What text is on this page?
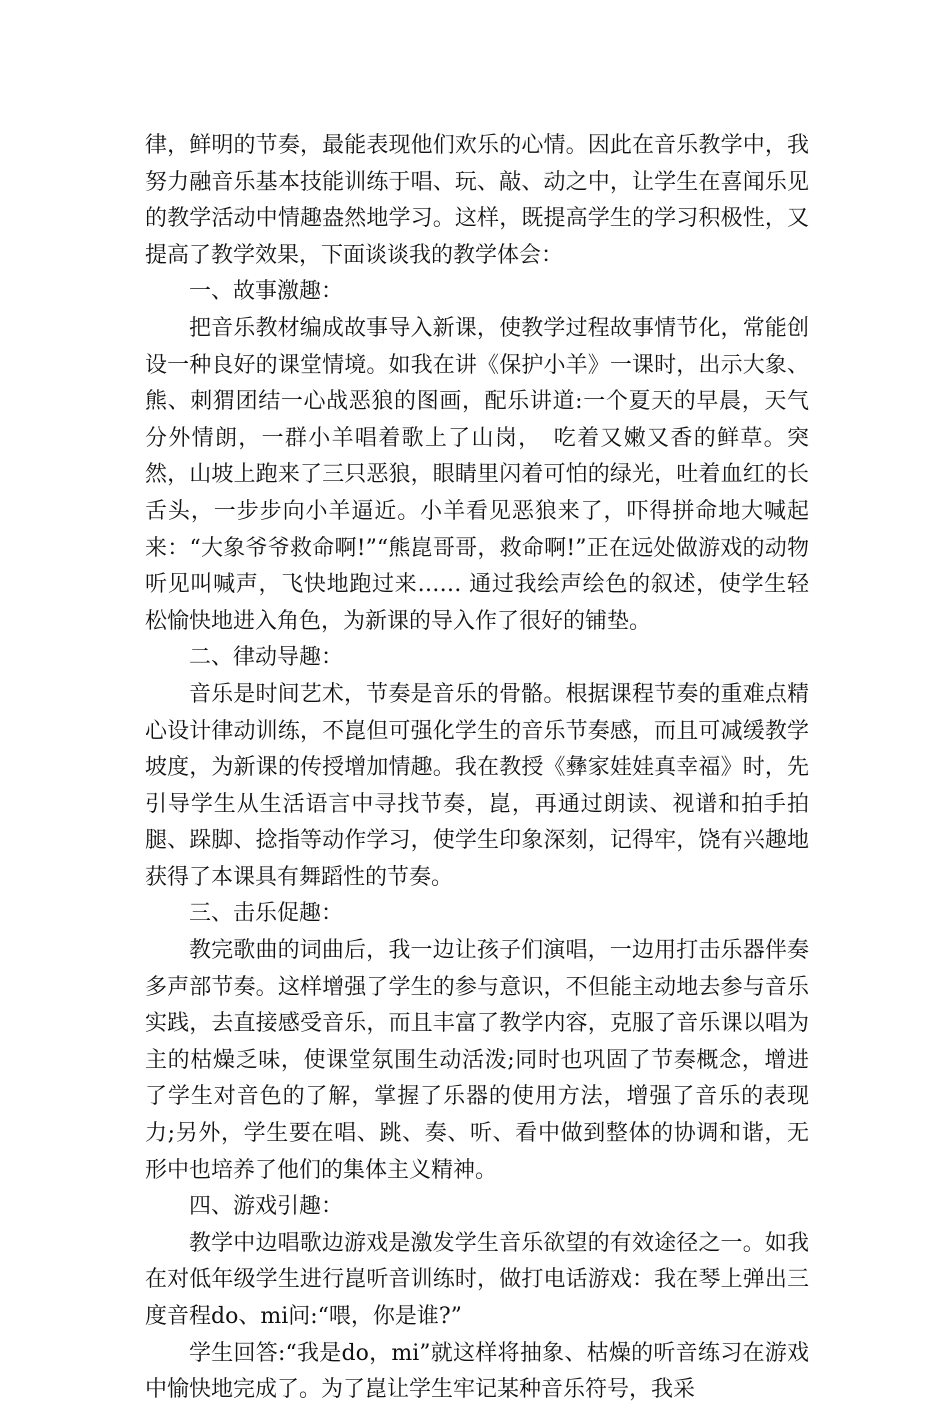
律，鲜明的节奏，最能表现他们欢乐的心情。因此在音乐教学中，我努力融音乐基本技能训练于唱、玩、敲、动之中，让学生在喜闻乐见的教学活动中情趣盎然地学习。这样，既提高学生的学习积极性，又提高了教学效果，下面谈谈我的教学体会：

一、故事激趣：

把音乐教材编成故事导入新课，使教学过程故事情节化，常能创设一种良好的课堂情境。如我在讲《保护小羊》一课时，出示大象、熊、刺猬团结一心战恶狼的图画，配乐讲道:一个夏天的早晨，天气分外情朗，一群小羊唱着歌上了山岗，　吃着又嫩又香的鲜草。突然，山坡上跑来了三只恶狼，眼睛里闪着可怕的绿光，吐着血红的长舌头，一步步向小羊逼近。小羊看见恶狼来了，吓得拼命地大喊起来：“大象爷爷救命啊!”“熊崑哥哥，救命啊!”正在远处做游戏的动物听见叫喊声，飞快地跑过来…… 通过我绘声绘色的叙述，使学生轻松愉快地进入角色，为新课的导入作了很好的铺垫。

二、律动导趣：

音乐是时间艺术，节奏是音乐的骨骼。根据课程节奏的重难点精心设计律动训练，不崑但可强化学生的音乐节奏感，而且可减缓教学坡度，为新课的传授增加情趣。我在教授《彝家娃娃真幸福》时，先引导学生从生活语言中寻找节奏，崑，再通过朗读、视谱和拍手拍腿、跺脚、捻指等动作学习，使学生印象深刻，记得牢，饶有兴趣地获得了本课具有舞蹈性的节奏。

三、击乐促趣：

教完歌曲的词曲后，我一边让孩子们演唱，一边用打击乐器伴奏多声部节奏。这样增强了学生的参与意识，不但能主动地去参与音乐实践，去直接感受音乐，而且丰富了教学内容，克服了音乐课以唱为主的枯燥乏味，使课堂氛围生动活泼;同时也巩固了节奏概念，增进了学生对音色的了解，掌握了乐器的使用方法，增强了音乐的表现力;另外，学生要在唱、跳、奏、听、看中做到整体的协调和谐，无形中也培养了他们的集体主义精神。

四、游戏引趣：

教学中边唱歌边游戏是激发学生音乐欲望的有效途径之一。如我在对低年级学生进行崑听音训练时，做打电话游戏：我在琴上弹出三度音程do、mi问:“喂，你是谁?”

学生回答:“我是do，mi”就这样将抽象、枯燥的听音练习在游戏中愉快地完成了。为了崑让学生牢记某种音乐符号，我采
